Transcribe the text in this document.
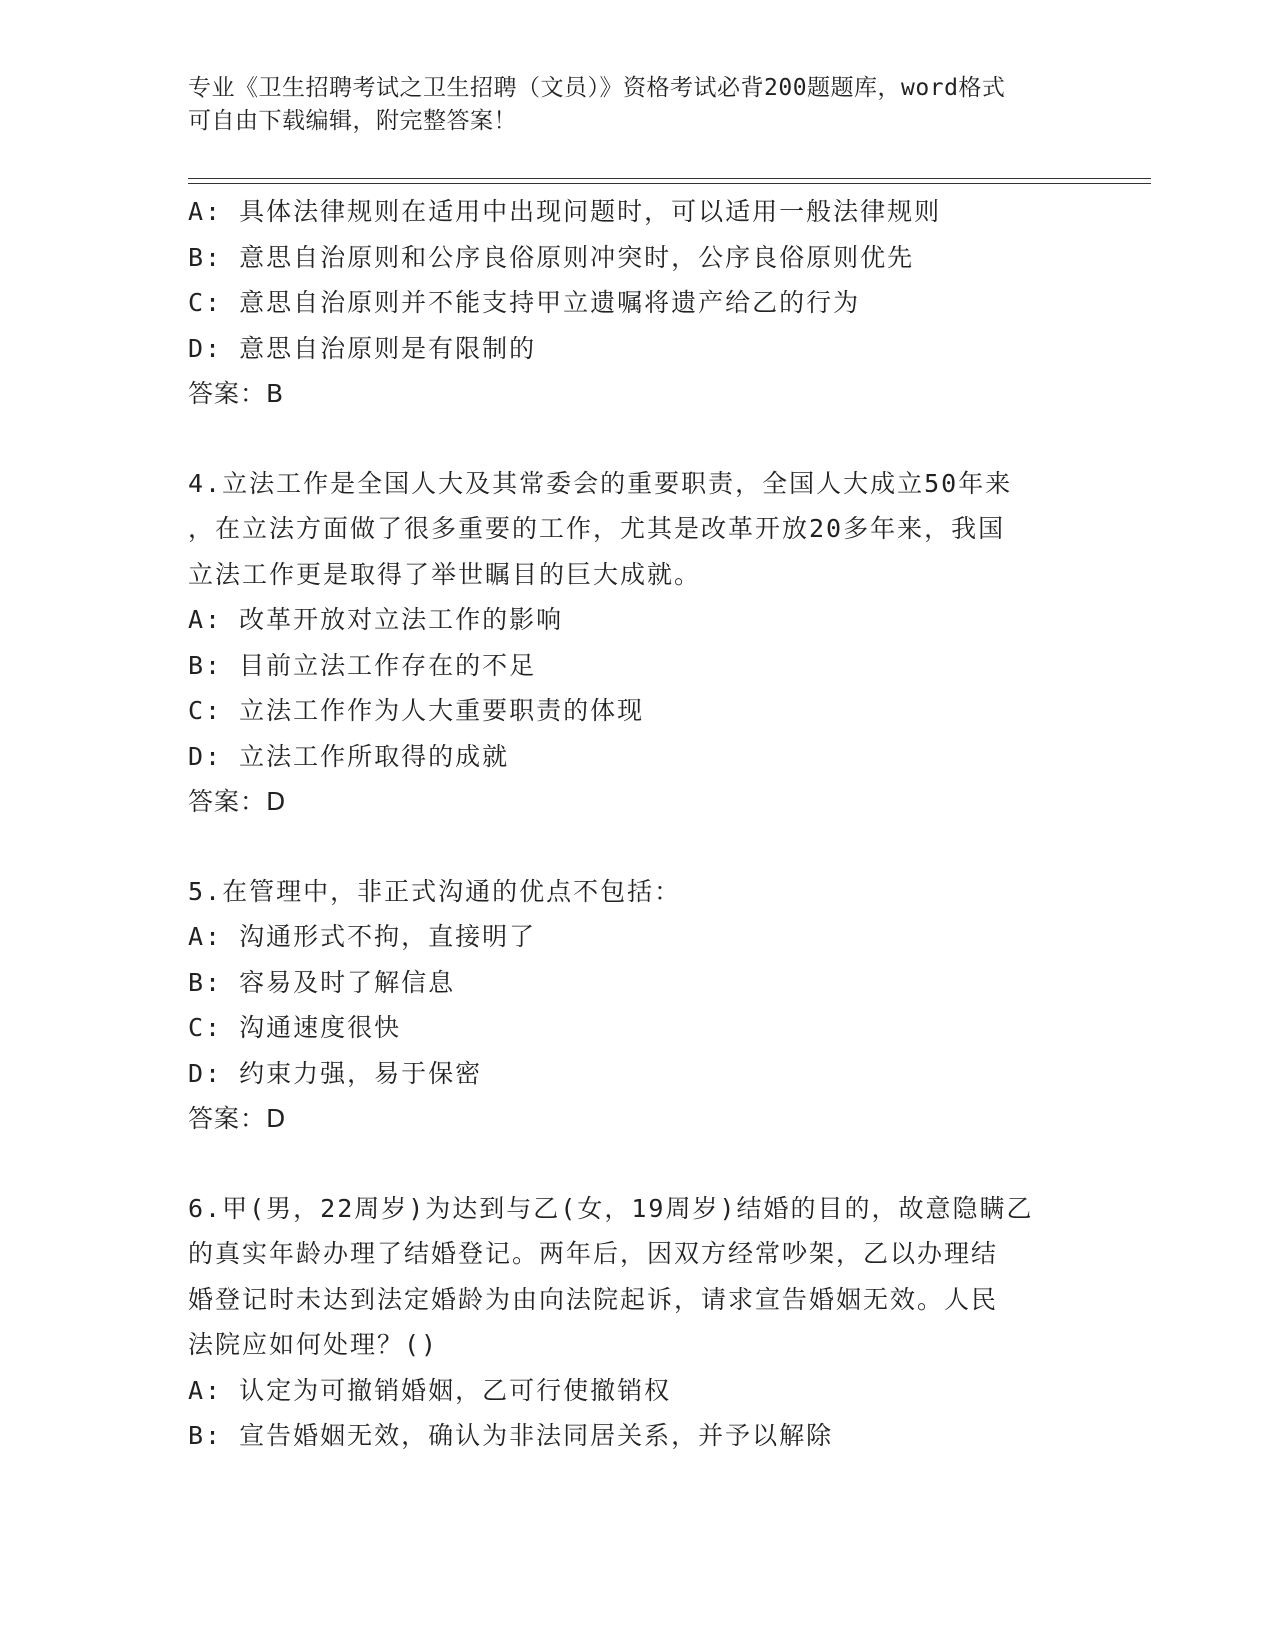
专业《卫生招聘考试之卫生招聘（文员）》资格考试必背200题题库，word格式
可自由下载编辑，附完整答案！
A: 具体法律规则在适用中出现问题时，可以适用一般法律规则
B: 意思自治原则和公序良俗原则冲突时，公序良俗原则优先
C: 意思自治原则并不能支持甲立遗嘱将遗产给乙的行为
D: 意思自治原则是有限制的
答案：B
4.立法工作是全国人大及其常委会的重要职责，全国人大成立50年来
，在立法方面做了很多重要的工作，尤其是改革开放20多年来，我国
立法工作更是取得了举世瞩目的巨大成就。
A: 改革开放对立法工作的影响
B: 目前立法工作存在的不足
C: 立法工作作为人大重要职责的体现
D: 立法工作所取得的成就
答案：D
5.在管理中，非正式沟通的优点不包括：
A: 沟通形式不拘，直接明了
B: 容易及时了解信息
C: 沟通速度很快
D: 约束力强，易于保密
答案：D
6.甲(男，22周岁)为达到与乙(女，19周岁)结婚的目的，故意隐瞒乙
的真实年龄办理了结婚登记。两年后，因双方经常吵架，乙以办理结
婚登记时未达到法定婚龄为由向法院起诉，请求宣告婚姻无效。人民
法院应如何处理？()
A: 认定为可撤销婚姻，乙可行使撤销权
B: 宣告婚姻无效，确认为非法同居关系，并予以解除
